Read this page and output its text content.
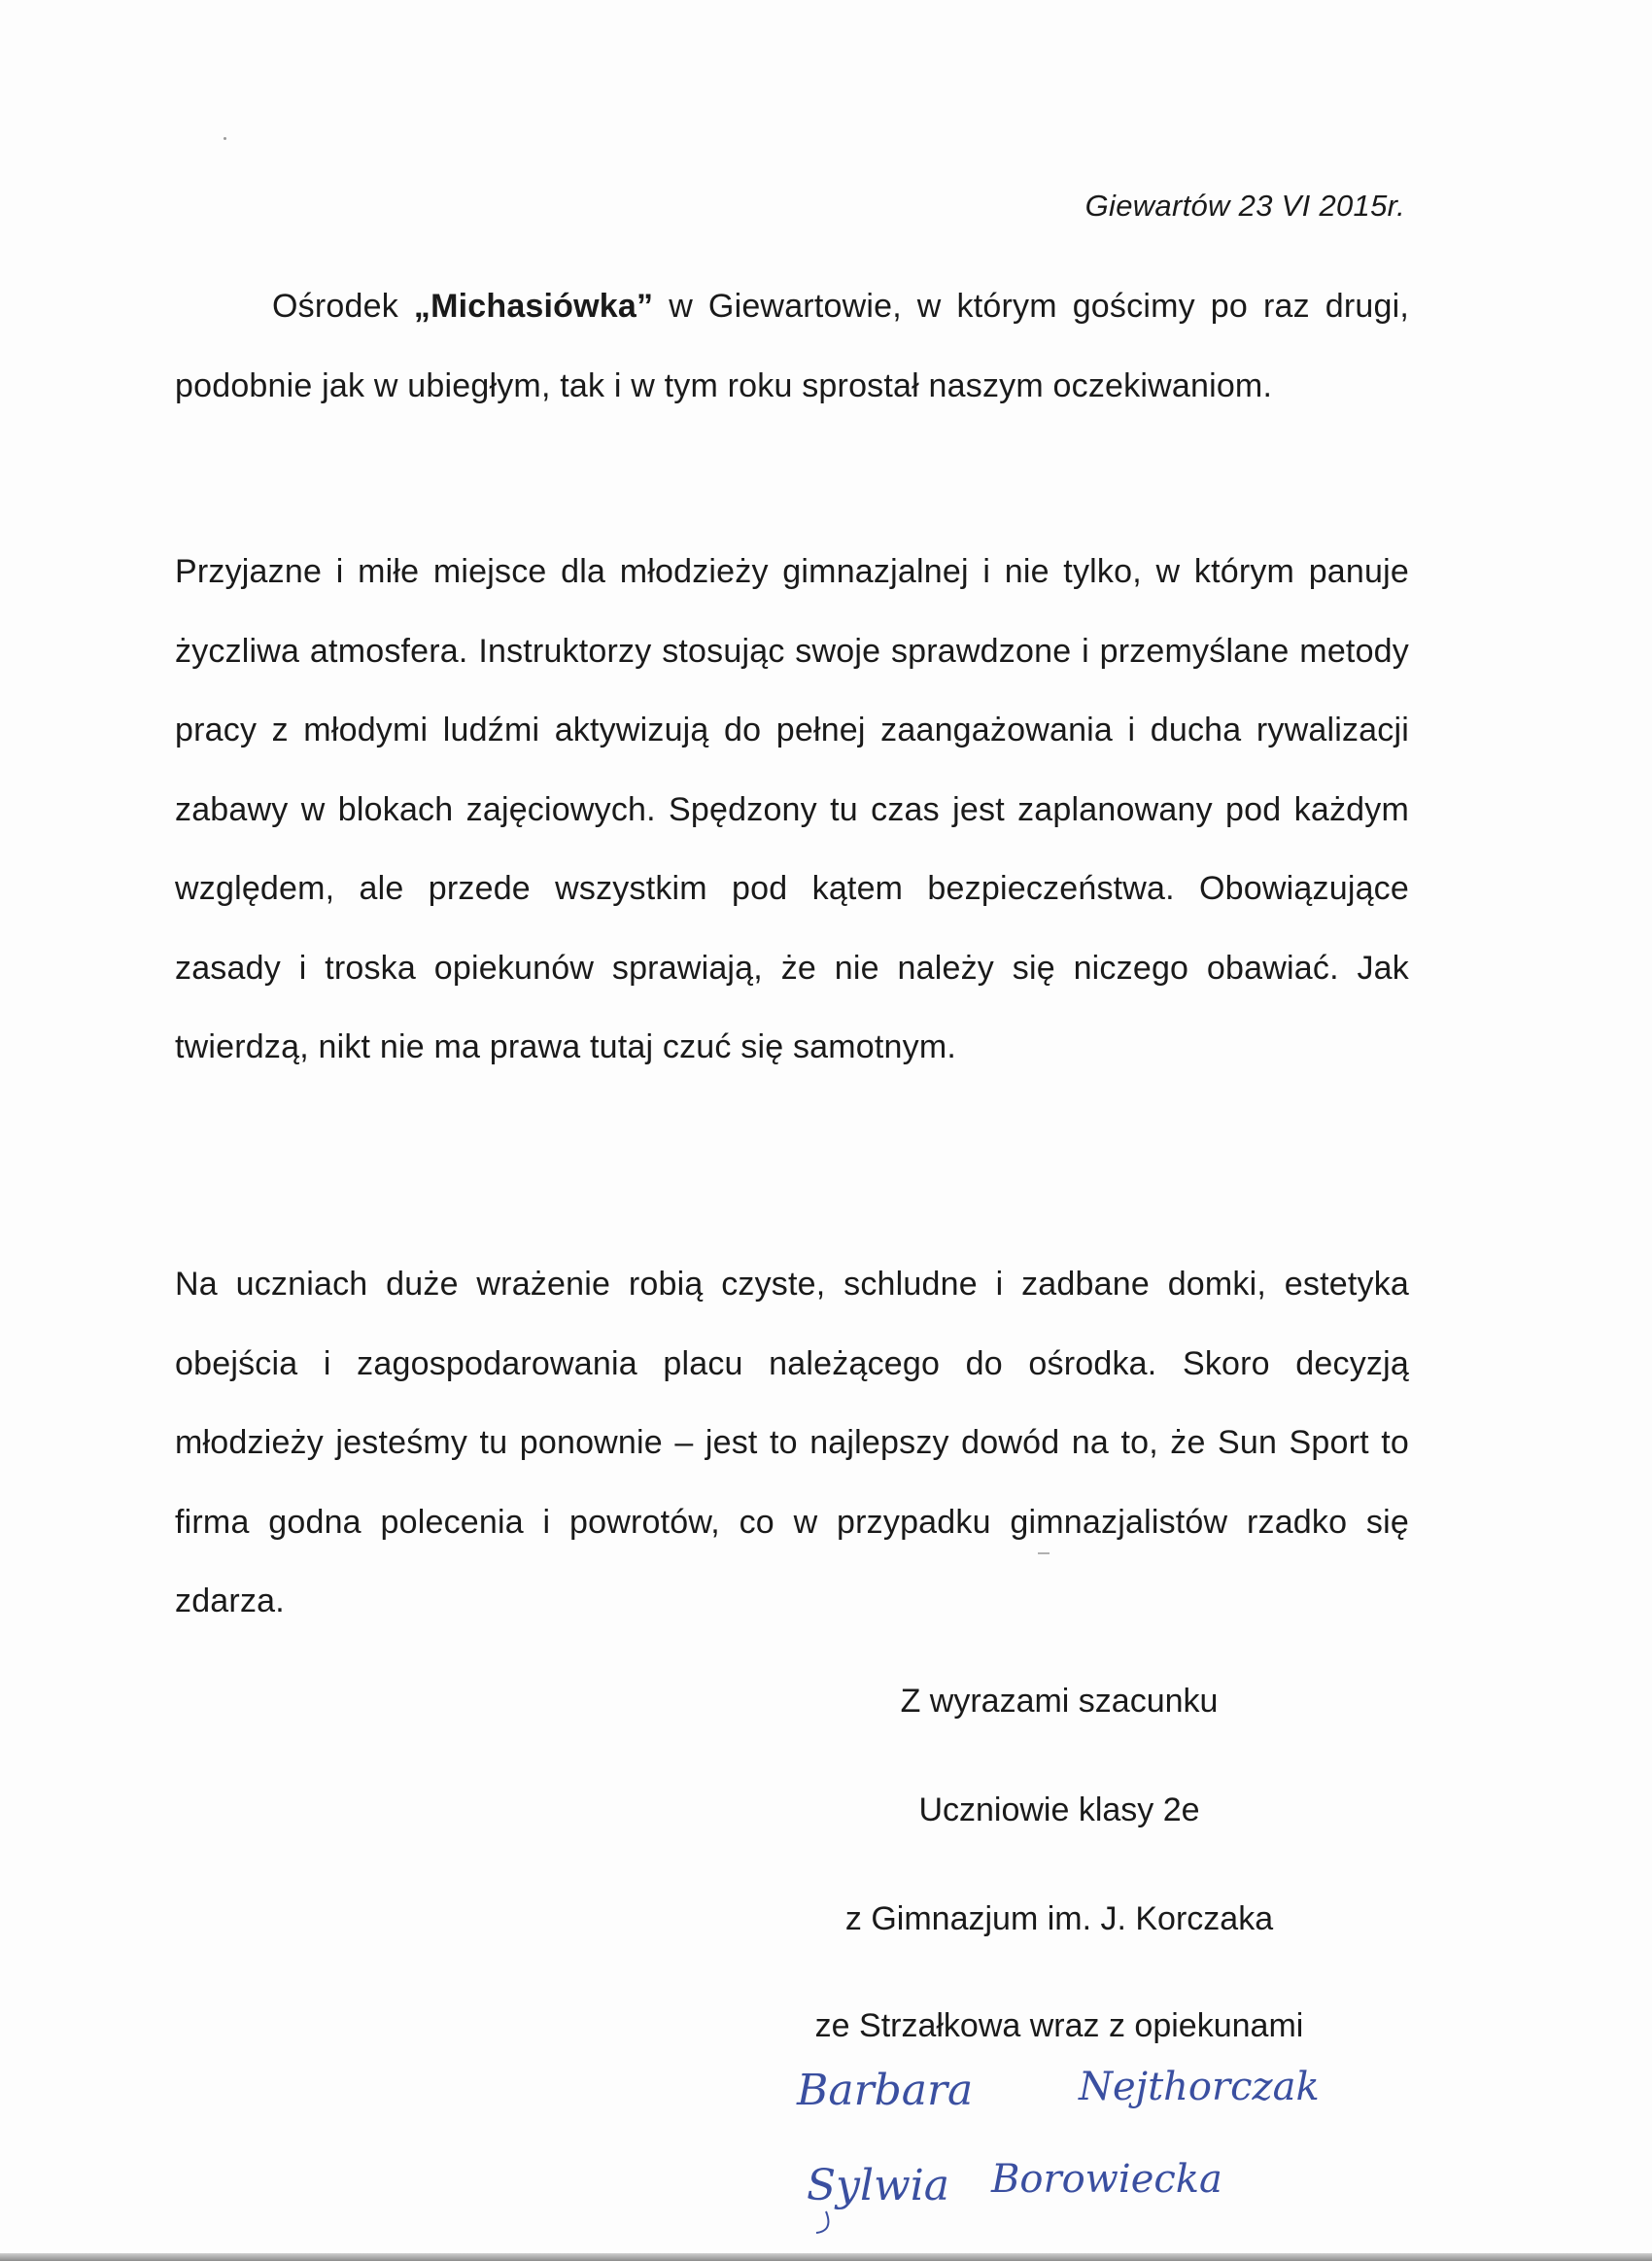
Giewartów 23 VI 2015r.

Ośrodek „Michasiówka” w Giewartowie, w którym gościmy po raz drugi, podobnie jak w ubiegłym, tak i w tym roku sprostał naszym oczekiwaniom.

Przyjazne i miłe miejsce dla młodzieży gimnazjalnej i nie tylko, w którym panuje życzliwa atmosfera. Instruktorzy stosując swoje sprawdzone i przemyślane metody pracy z młodymi ludźmi aktywizują do pełnej zaangażowania i ducha rywalizacji zabawy w blokach zajęciowych. Spędzony tu czas jest zaplanowany pod każdym względem, ale przede wszystkim pod kątem bezpieczeństwa. Obowiązujące zasady i troska opiekunów sprawiają, że nie należy się niczego obawiać. Jak twierdzą, nikt nie ma prawa tutaj czuć się samotnym.

Na uczniach duże wrażenie robią czyste, schludne i zadbane domki, estetyka obejścia i zagospodarowania placu należącego do ośrodka. Skoro decyzją młodzieży jesteśmy tu ponownie – jest to najlepszy dowód na to, że Sun Sport to firma godna polecenia i powrotów, co w przypadku gimnazjalistów rzadko się zdarza.

Z wyrazami szacunku
Uczniowie klasy 2e
z Gimnazjum im. J. Korczaka
ze Strzałkowa wraz z opiekunami
Barbara	Nejthorczak
Sylwia Borowiecka
